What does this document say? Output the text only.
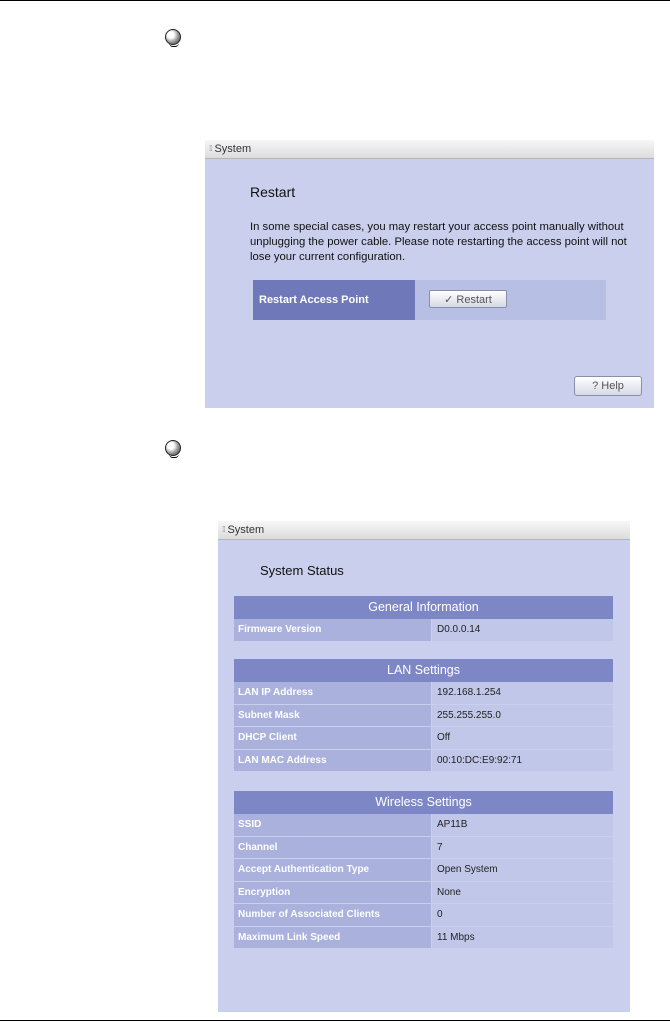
⁞⁞ System
Restart
In some special cases, you may restart your access point manually without unplugging the power cable. Please note restarting the access point will not lose your current configuration.
Restart Access Point	✓ Restart
? Help
⁞⁞ System
System Status
General Information
Firmware Version	D0.0.0.14
LAN Settings
LAN IP Address	192.168.1.254
Subnet Mask	255.255.255.0
DHCP Client	Off
LAN MAC Address	00:10:DC:E9:92:71
Wireless Settings
SSID	AP11B
Channel	7
Accept Authentication Type	Open System
Encryption	None
Number of Associated Clients	0
Maximum Link Speed	11 Mbps
